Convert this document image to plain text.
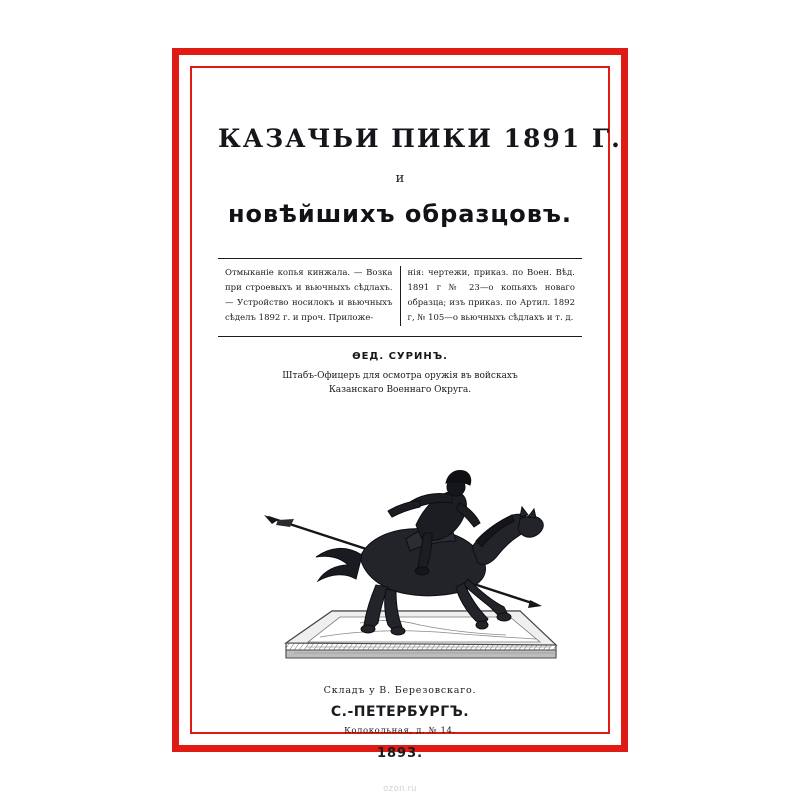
КАЗАЧЬИ ПИКИ 1891 Г.
и
новѣйшихъ образцовъ.

Отмыканіе копья кинжала. — Возка при строевыхъ и вьючныхъ сѣдлахъ. — Устройство носилокъ и вьючныхъ сѣделъ 1892 г. и проч. Приложе-

нія: чертежи, приказ. по Воен. Вѣд. 1891 г № 23—о копьяхъ новаго образца; изъ приказ. по Артил. 1892 г, № 105—о вьючныхъ сѣдлахъ и т. д.

ѲЕД. СУРИНЪ.
Штабъ-Офицеръ для осмотра оружія въ войскахъ
Казанскаго Военнаго Округа.
Складъ у В. Березовскаго.
С.-ПЕТЕРБУРГЪ.
Колокольная, д. № 14.
1893.
ozon.ru
